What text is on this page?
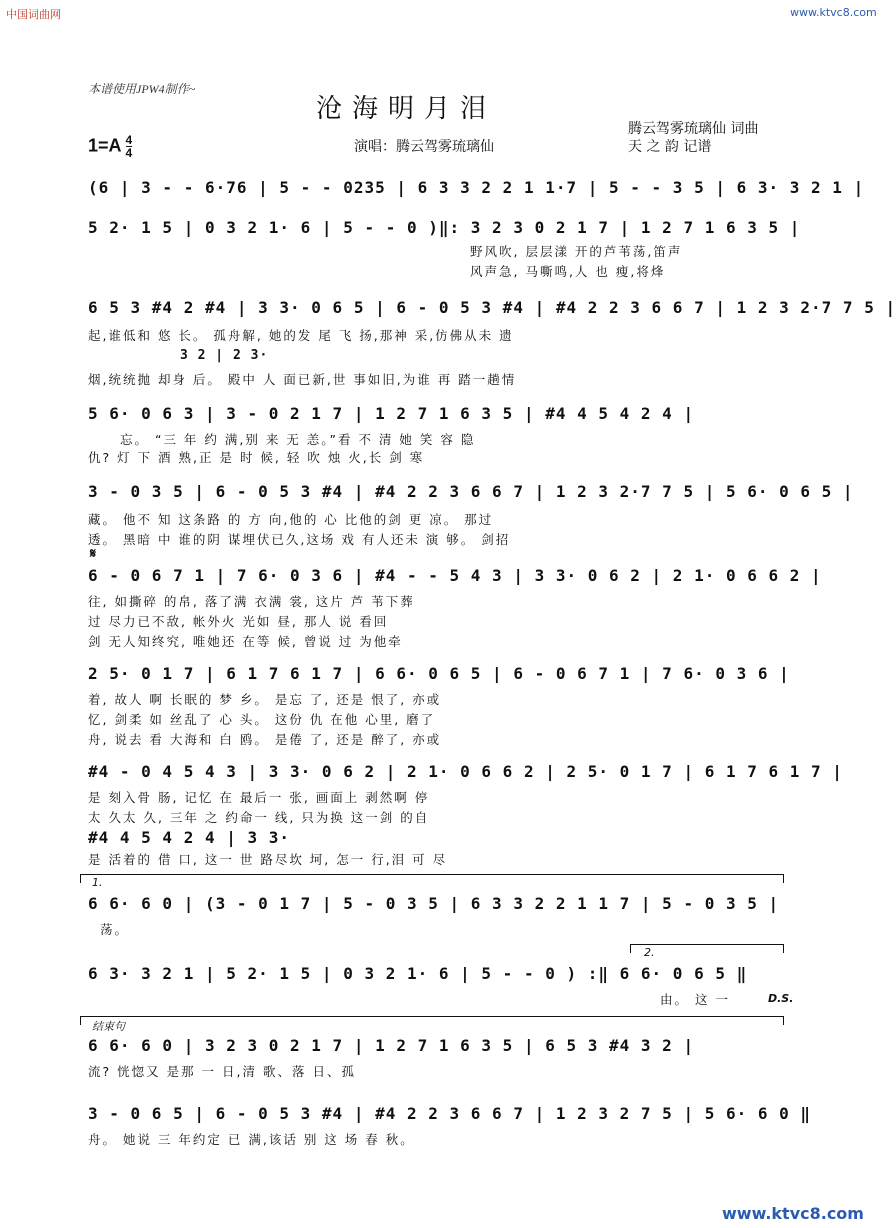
中国词曲网	www.ktvc8.com
www.ktvc8.com
本谱使用JPW4制作~
沧海明月泪
腾云驾雾琉璃仙 词曲
演唱：腾云驾雾琉璃仙	天 之 韵 记谱
$1=A \frac{4}{4}$
(6 | 3 - - 6·76 | 5 - - 0235 | 6 3 3 2 2 1 1·7 | 5 - - 3 5 | 6 3· 3 2 1 |
5 2· 1 5 | 0 3 2 1· 6 | 5 - - 0 )‖: 3 2 3 0 2 1 7 | 1 2 7 1 6 3 5 |
野风吹, 层层漾 开的芦苇荡,笛声
风声急, 马嘶鸣,人 也 瘦,将烽
6 5 3 #4 2 #4 | 3 3· 0 6 5 | 6 - 0 5 3 #4 | #4 2 2 3 6 6 7 | 1 2 3 2·7 7 5 |
起,谁低和 悠 长。 孤舟解, 她的发 尾 飞 扬,那神 采,仿佛从未 遗
3 2 | 2 3·
烟,统统抛 却身 后。 殿中 人 面已新,世 事如旧,为谁 再 踏一趟情
5 6· 0 6 3 | 3 - 0 2 1 7 | 1 2 7 1 6 3 5 | #4 4 5 4 2 4 |
忘。 “三 年 约 满,别 来 无 恙。”看 不 清 她 笑 容 隐
仇? 灯 下 酒 熟,正 是 时 候, 轻 吹 烛 火,长 剑 寒
3 - 0 3 5 | 6 - 0 5 3 #4 | #4 2 2 3 6 6 7 | 1 2 3 2·7 7 5 | 5 6· 0 6 5 |
藏。 他不 知 这条路 的 方 向,他的 心 比他的剑 更 凉。 那过
透。 黑暗 中 谁的阴 谋埋伏已久,这场 戏 有人还未 演 够。 剑招
𝄋
6 - 0 6 7 1 | 7 6· 0 3 6 | #4 - - 5 4 3 | 3 3· 0 6 2 | 2 1· 0 6 6 2 |
往, 如撕碎 的帛, 落了满 衣满 裳, 这片 芦 苇下葬
过 尽力已不敌, 帐外火 光如 昼, 那人 说 看回
剑 无人知终究, 唯她还 在等 候, 曾说 过 为他牵
2 5· 0 1 7 | 6 1 7 6 1 7 | 6 6· 0 6 5 | 6 - 0 6 7 1 | 7 6· 0 3 6 |
着, 故人 啊 长眠的 梦 乡。 是忘 了, 还是 恨了, 亦或
忆, 剑柔 如 丝乱了 心 头。 这份 仇 在他 心里, 磨了
舟, 说去 看 大海和 白 鸥。 是倦 了, 还是 醉了, 亦或
#4 - 0 4 5 4 3 | 3 3· 0 6 2 | 2 1· 0 6 6 2 | 2 5· 0 1 7 | 6 1 7 6 1 7 |
是 刻入骨 肠, 记忆 在 最后一 张, 画面上 剥然啊 停
太 久太 久, 三年 之 约命一 线, 只为换 这一剑 的自
#4 4 5 4 2 4 | 3 3·
是 活着的 借 口, 这一 世 路尽坎 坷, 怎一 行,泪 可 尽
1.
6 6· 6 0 | (3 - 0 1 7 | 5 - 0 3 5 | 6 3 3 2 2 1 1 7 | 5 - 0 3 5 |
荡。
2.
6 3· 3 2 1 | 5 2· 1 5 | 0 3 2 1· 6 | 5 - - 0 ) :‖ 6 6· 0 6 5 ‖
由。 这 一	D.S.
结束句
6 6· 6 0 | 3 2 3 0 2 1 7 | 1 2 7 1 6 3 5 | 6 5 3 #4 3 2 |
流? 恍惚又 是那 一 日,清 歌、落 日、孤
3 - 0 6 5 | 6 - 0 5 3 #4 | #4 2 2 3 6 6 7 | 1 2 3 2 7 5 | 5 6· 6 0 ‖
舟。 她说 三 年约定 已 满,该话 别 这 场 春 秋。
